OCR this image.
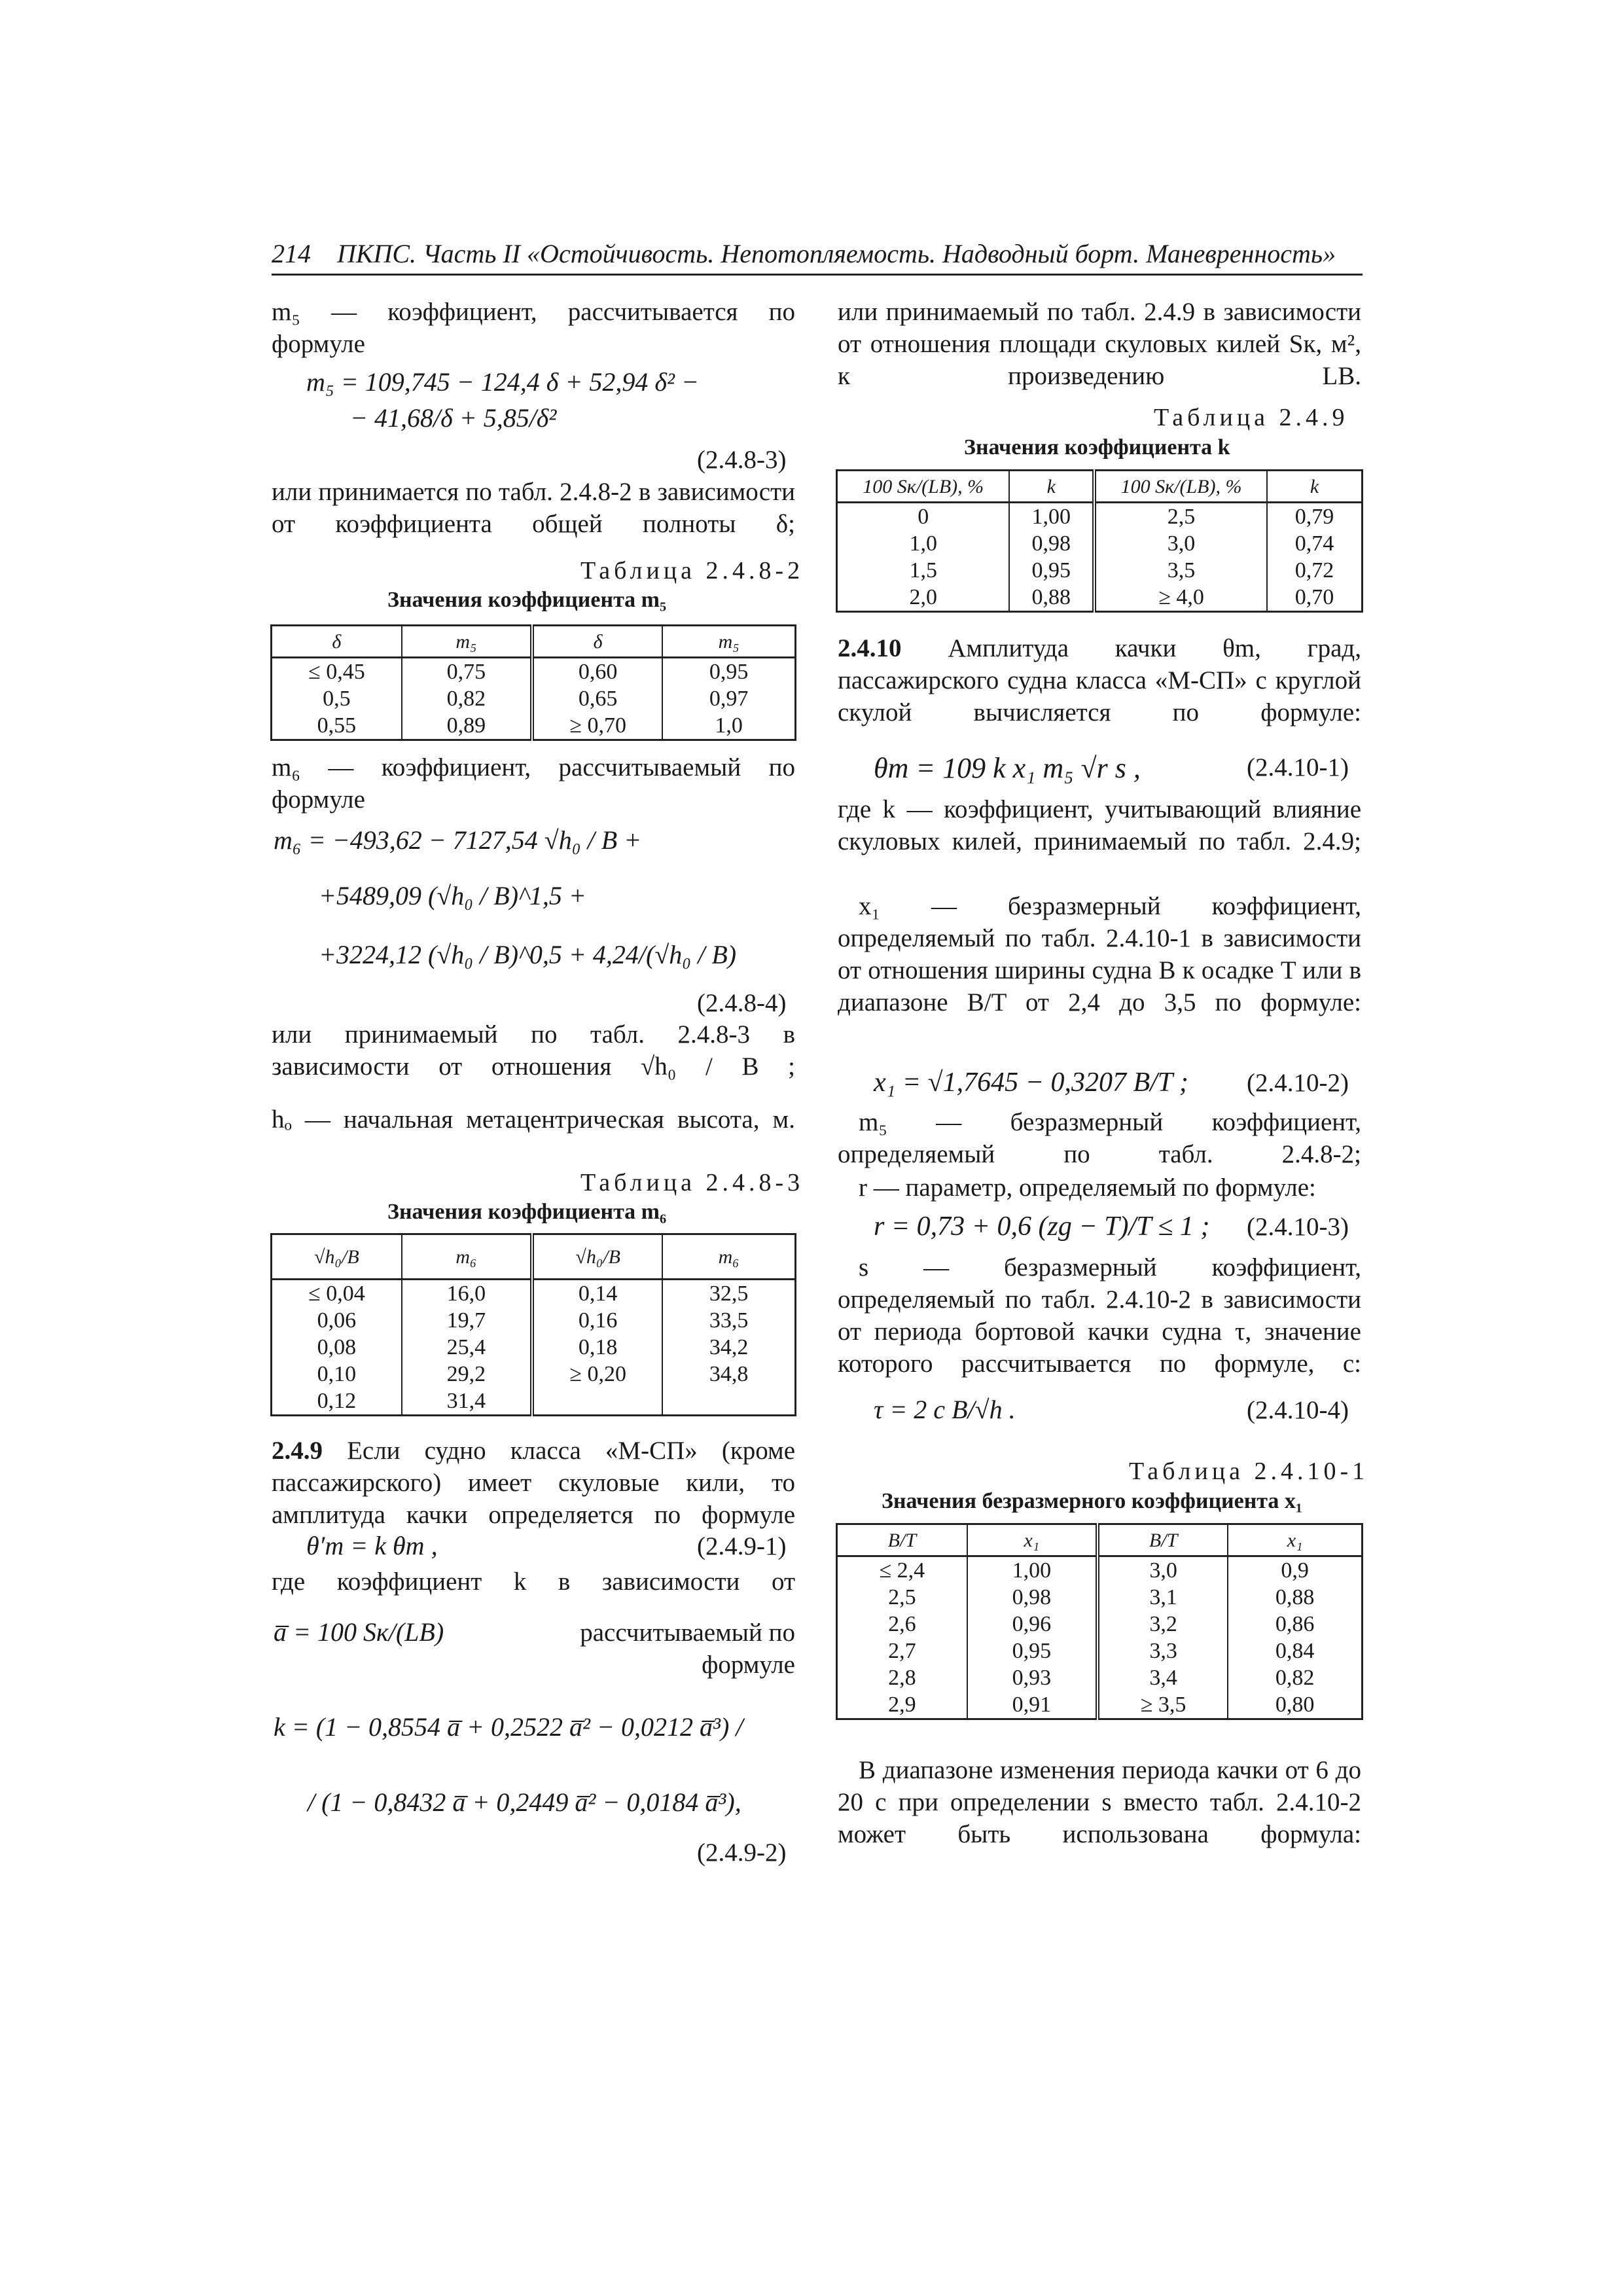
214 ПКПС. Часть II «Остойчивость. Непотопляемость. Надводный борт. Маневренность»
m₅ — коэффициент, рассчитывается по формуле
m₅ = 109,745 − 124,4 δ + 52,94 δ² −
− 41,68/δ + 5,85/δ²
(2.4.8-3)
или принимается по табл. 2.4.8-2 в зависимости от коэффициента общей полноты δ;
Таблица 2.4.8-2
Значения коэффициента m₅
δ	m₅	δ	m₅
≤ 0,45	0,75	0,60	0,95
0,5	0,82	0,65	0,97
0,55	0,89	≥ 0,70	1,0
m₆ — коэффициент, рассчитываемый по формуле
m₆ = −493,62 − 7127,54 √h₀ / B +
+5489,09 (√h₀ / B)^1,5 +
+3224,12 (√h₀ / B)^0,5 + 4,24/(√h₀ / B)
(2.4.8-4)
или принимаемый по табл. 2.4.8-3 в зависимости от отношения √h₀ / B ;
hₒ — начальная метацентрическая высота, м.
Таблица 2.4.8-3
Значения коэффициента m₆
√h₀/B	m₆	√h₀/B	m₆
≤ 0,04	16,0	0,14	32,5
0,06	19,7	0,16	33,5
0,08	25,4	0,18	34,2
0,10	29,2	≥ 0,20	34,8
0,12	31,4		
2.4.9 Если судно класса «М-СП» (кроме пассажирского) имеет скуловые кили, то амплитуда качки определяется по формуле
θ′m = k θm ,	(2.4.9-1)
где коэффициент k в зависимости от
a̅ = 100 Sк/(LB)	рассчитываемый по формуле
k = (1 − 0,8554 a̅ + 0,2522 a̅² − 0,0212 a̅³) /
/ (1 − 0,8432 a̅ + 0,2449 a̅² − 0,0184 a̅³),
(2.4.9-2)
или принимаемый по табл. 2.4.9 в зависимости от отношения площади скуловых килей Sк, м², к произведению LB.
Таблица 2.4.9
Значения коэффициента k
100 Sк/(LB), %	k	100 Sк/(LB), %	k
0	1,00	2,5	0,79
1,0	0,98	3,0	0,74
1,5	0,95	3,5	0,72
2,0	0,88	≥ 4,0	0,70
2.4.10 Амплитуда качки θm, град, пассажирского судна класса «М-СП» с круглой скулой вычисляется по формуле:
θm = 109 k x₁ m₅ √r s ,	(2.4.10-1)
где k — коэффициент, учитывающий влияние скуловых килей, принимаемый по табл. 2.4.9;
x₁ — безразмерный коэффициент, определяемый по табл. 2.4.10-1 в зависимости от отношения ширины судна B к осадке T или в диапазоне B/T от 2,4 до 3,5 по формуле:
x₁ = √1,7645 − 0,3207 B/T ; (2.4.10-2)
m₅ — безразмерный коэффициент, определяемый по табл. 2.4.8-2;
r — параметр, определяемый по формуле:
r = 0,73 + 0,6 (zg − T)/T ≤ 1 ; (2.4.10-3)
s — безразмерный коэффициент, определяемый по табл. 2.4.10-2 в зависимости от периода бортовой качки судна τ, значение которого рассчитывается по формуле, с:
τ = 2 c B/√h .	(2.4.10-4)
Таблица 2.4.10-1
Значения безразмерного коэффициента x₁
B/T	x₁	B/T	x₁
≤ 2,4	1,00	3,0	0,9
2,5	0,98	3,1	0,88
2,6	0,96	3,2	0,86
2,7	0,95	3,3	0,84
2,8	0,93	3,4	0,82
2,9	0,91	≥ 3,5	0,80
В диапазоне изменения периода качки от 6 до 20 с при определении s вместо табл. 2.4.10-2 может быть использована формула:
